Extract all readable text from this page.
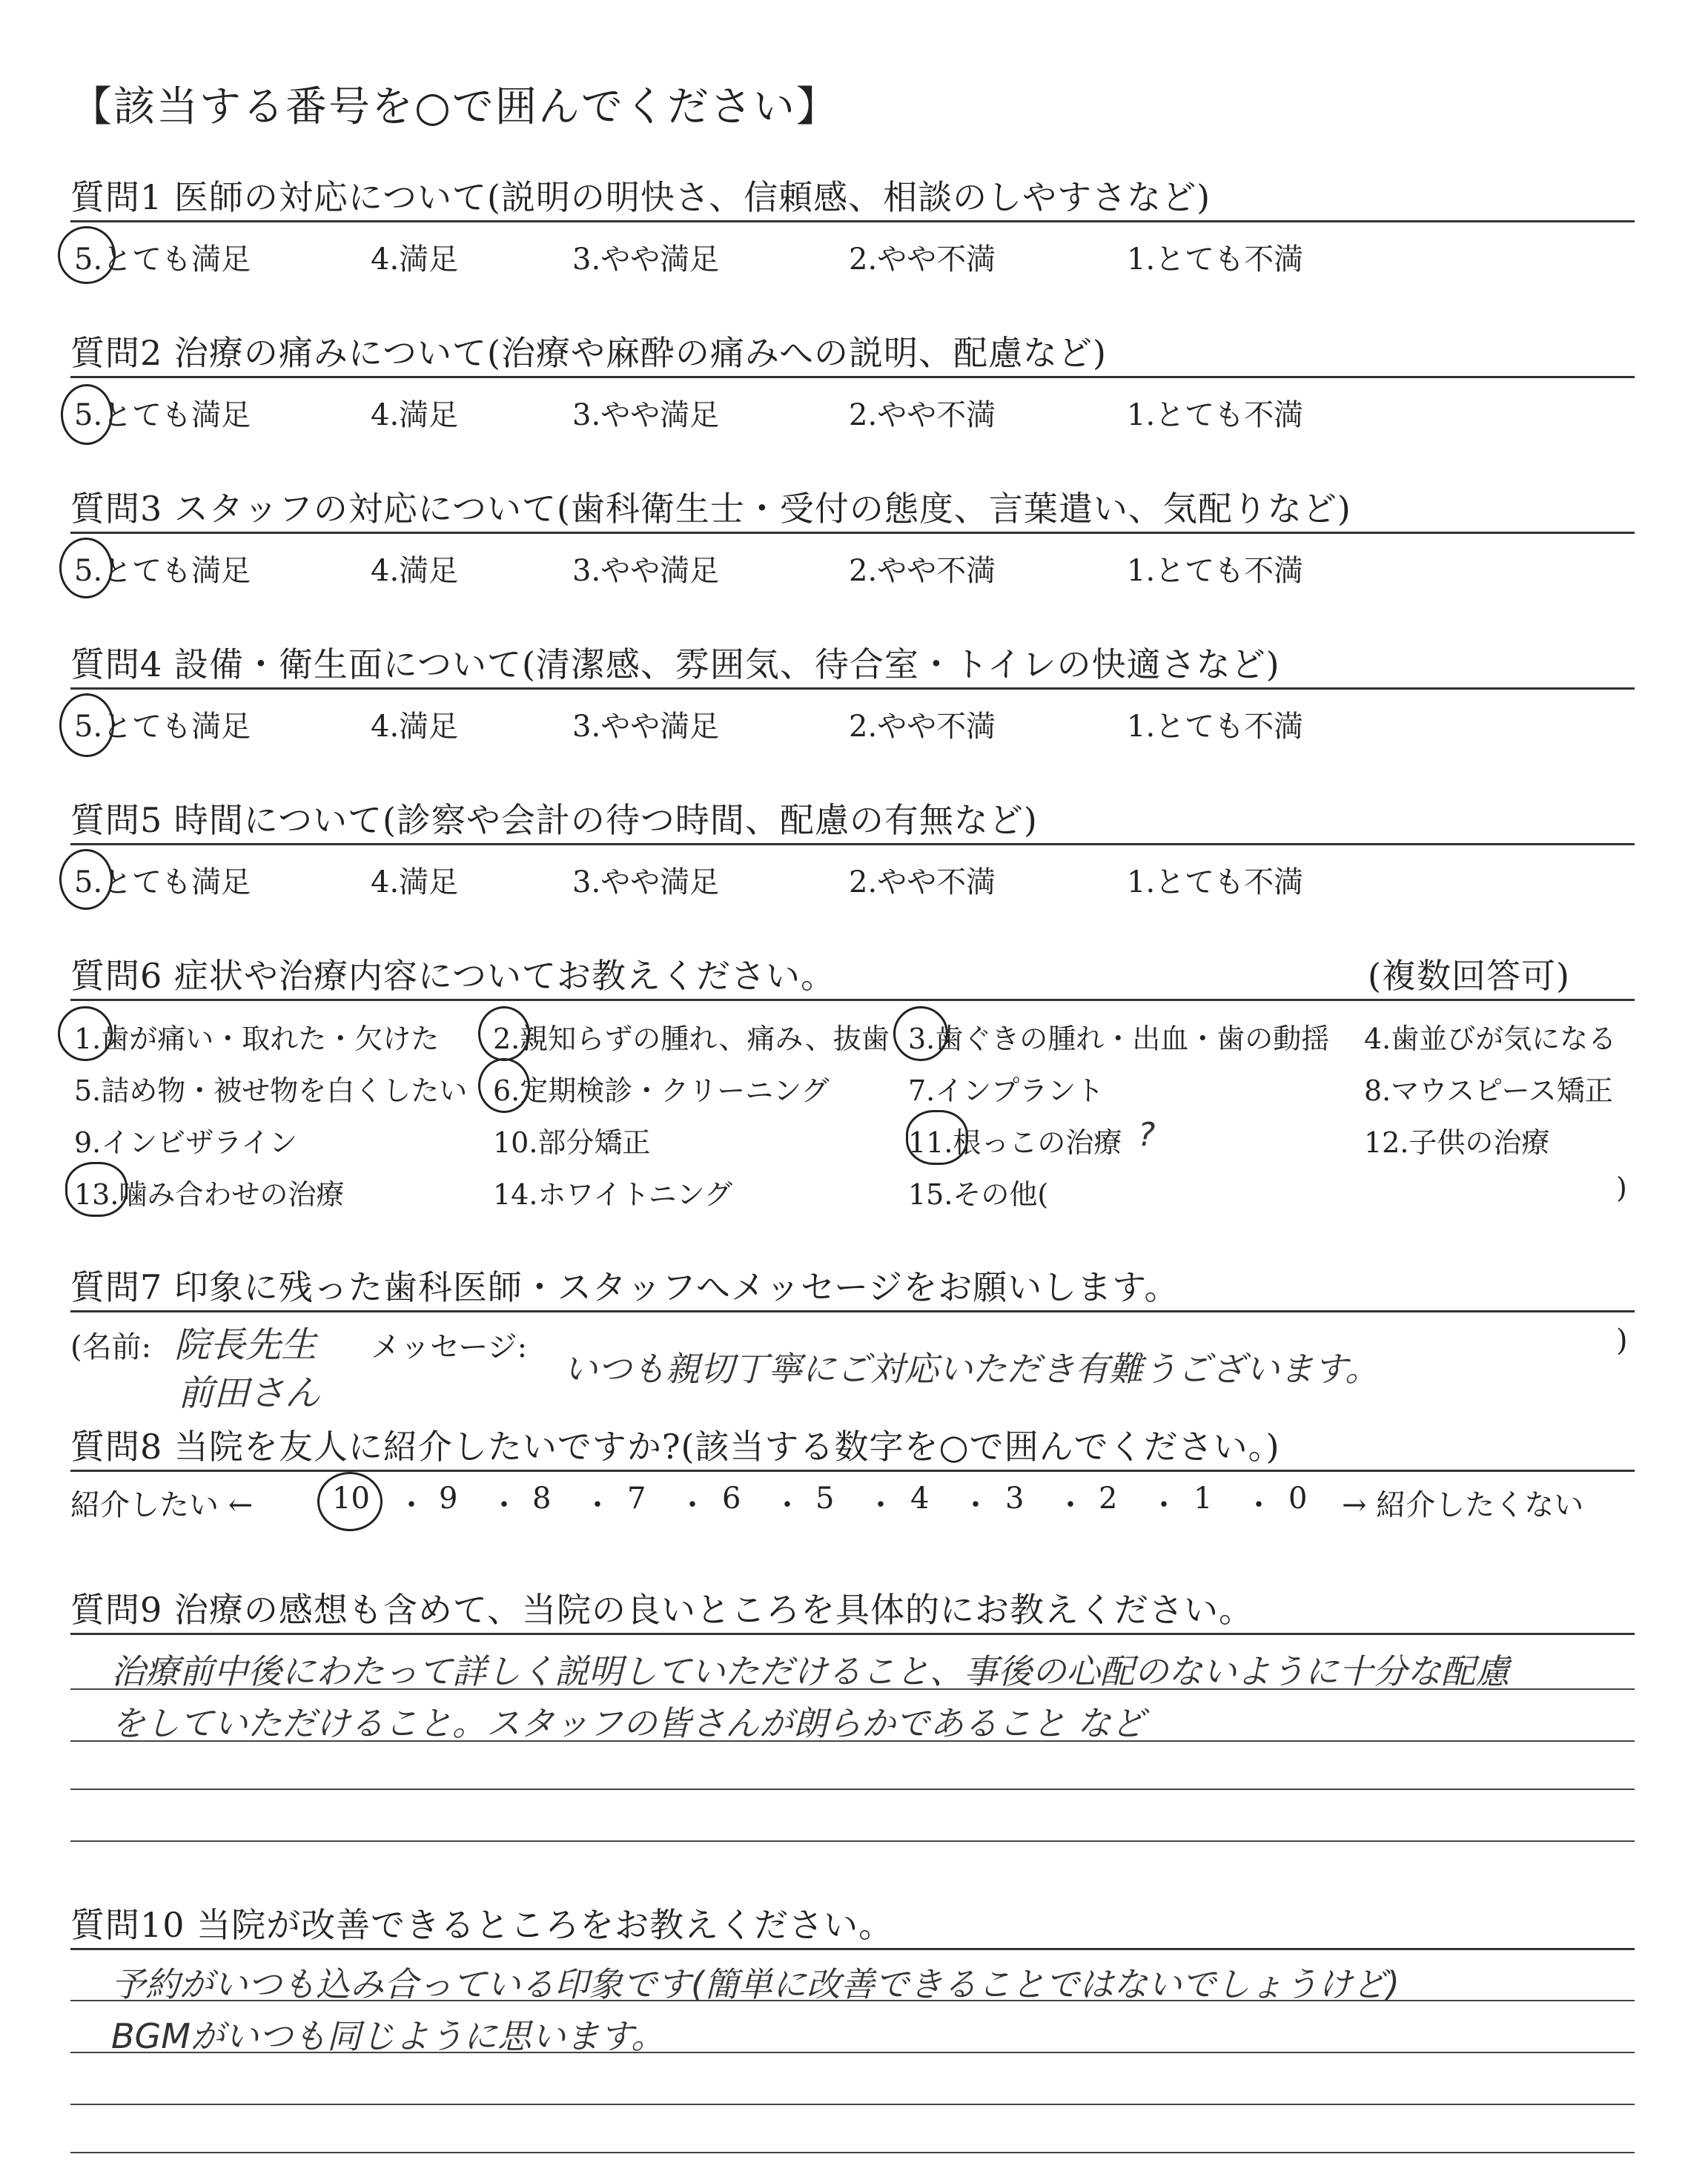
【該当する番号を○で囲んでください】
質問1 医師の対応について(説明の明快さ、信頼感、相談のしやすさなど)
5.とても満足	4.満足	3.やや満足	2.やや不満	1.とても不満
質問2 治療の痛みについて(治療や麻酔の痛みへの説明、配慮など)
5.とても満足	4.満足	3.やや満足	2.やや不満	1.とても不満
質問3 スタッフの対応について(歯科衛生士・受付の態度、言葉遣い、気配りなど)
5.とても満足	4.満足	3.やや満足	2.やや不満	1.とても不満
質問4 設備・衛生面について(清潔感、雰囲気、待合室・トイレの快適さなど)
5.とても満足	4.満足	3.やや満足	2.やや不満	1.とても不満
質問5 時間について(診察や会計の待つ時間、配慮の有無など)
5.とても満足	4.満足	3.やや満足	2.やや不満	1.とても不満
質問6 症状や治療内容についてお教えください。	(複数回答可)
1.歯が痛い・取れた・欠けた 2.親知らずの腫れ、痛み、抜歯 3.歯ぐきの腫れ・出血・歯の動揺 4.歯並びが気になる
5.詰め物・被せ物を白くしたい 6.定期検診・クリーニング	7.インプラント	8.マウスピース矯正
9.インビザライン	10.部分矯正	11.根っこの治療 ?	12.子供の治療
13.噛み合わせの治療	14.ホワイトニング	15.その他(	)
質問7 印象に残った歯科医師・スタッフへメッセージをお願いします。
(名前: 院長先生
前田さん
メッセージ:
いつも親切丁寧にご対応いただき有難うございます。
)
質問8 当院を友人に紹介したいですか?(該当する数字を○で囲んでください。)
紹介したい ←	10 ・ 9 ・ 8 ・ 7 ・ 6 ・ 5 ・ 4 ・ 3 ・ 2 ・ 1 ・ 0 → 紹介したくない
質問9 治療の感想も含めて、当院の良いところを具体的にお教えください。
治療前中後にわたって詳しく説明していただけること、事後の心配のないように十分な配慮
をしていただけること。スタッフの皆さんが朗らかであること など
質問10 当院が改善できるところをお教えください。
予約がいつも込み合っている印象です(簡単に改善できることではないでしょうけど)
BGMがいつも同じように思います。
